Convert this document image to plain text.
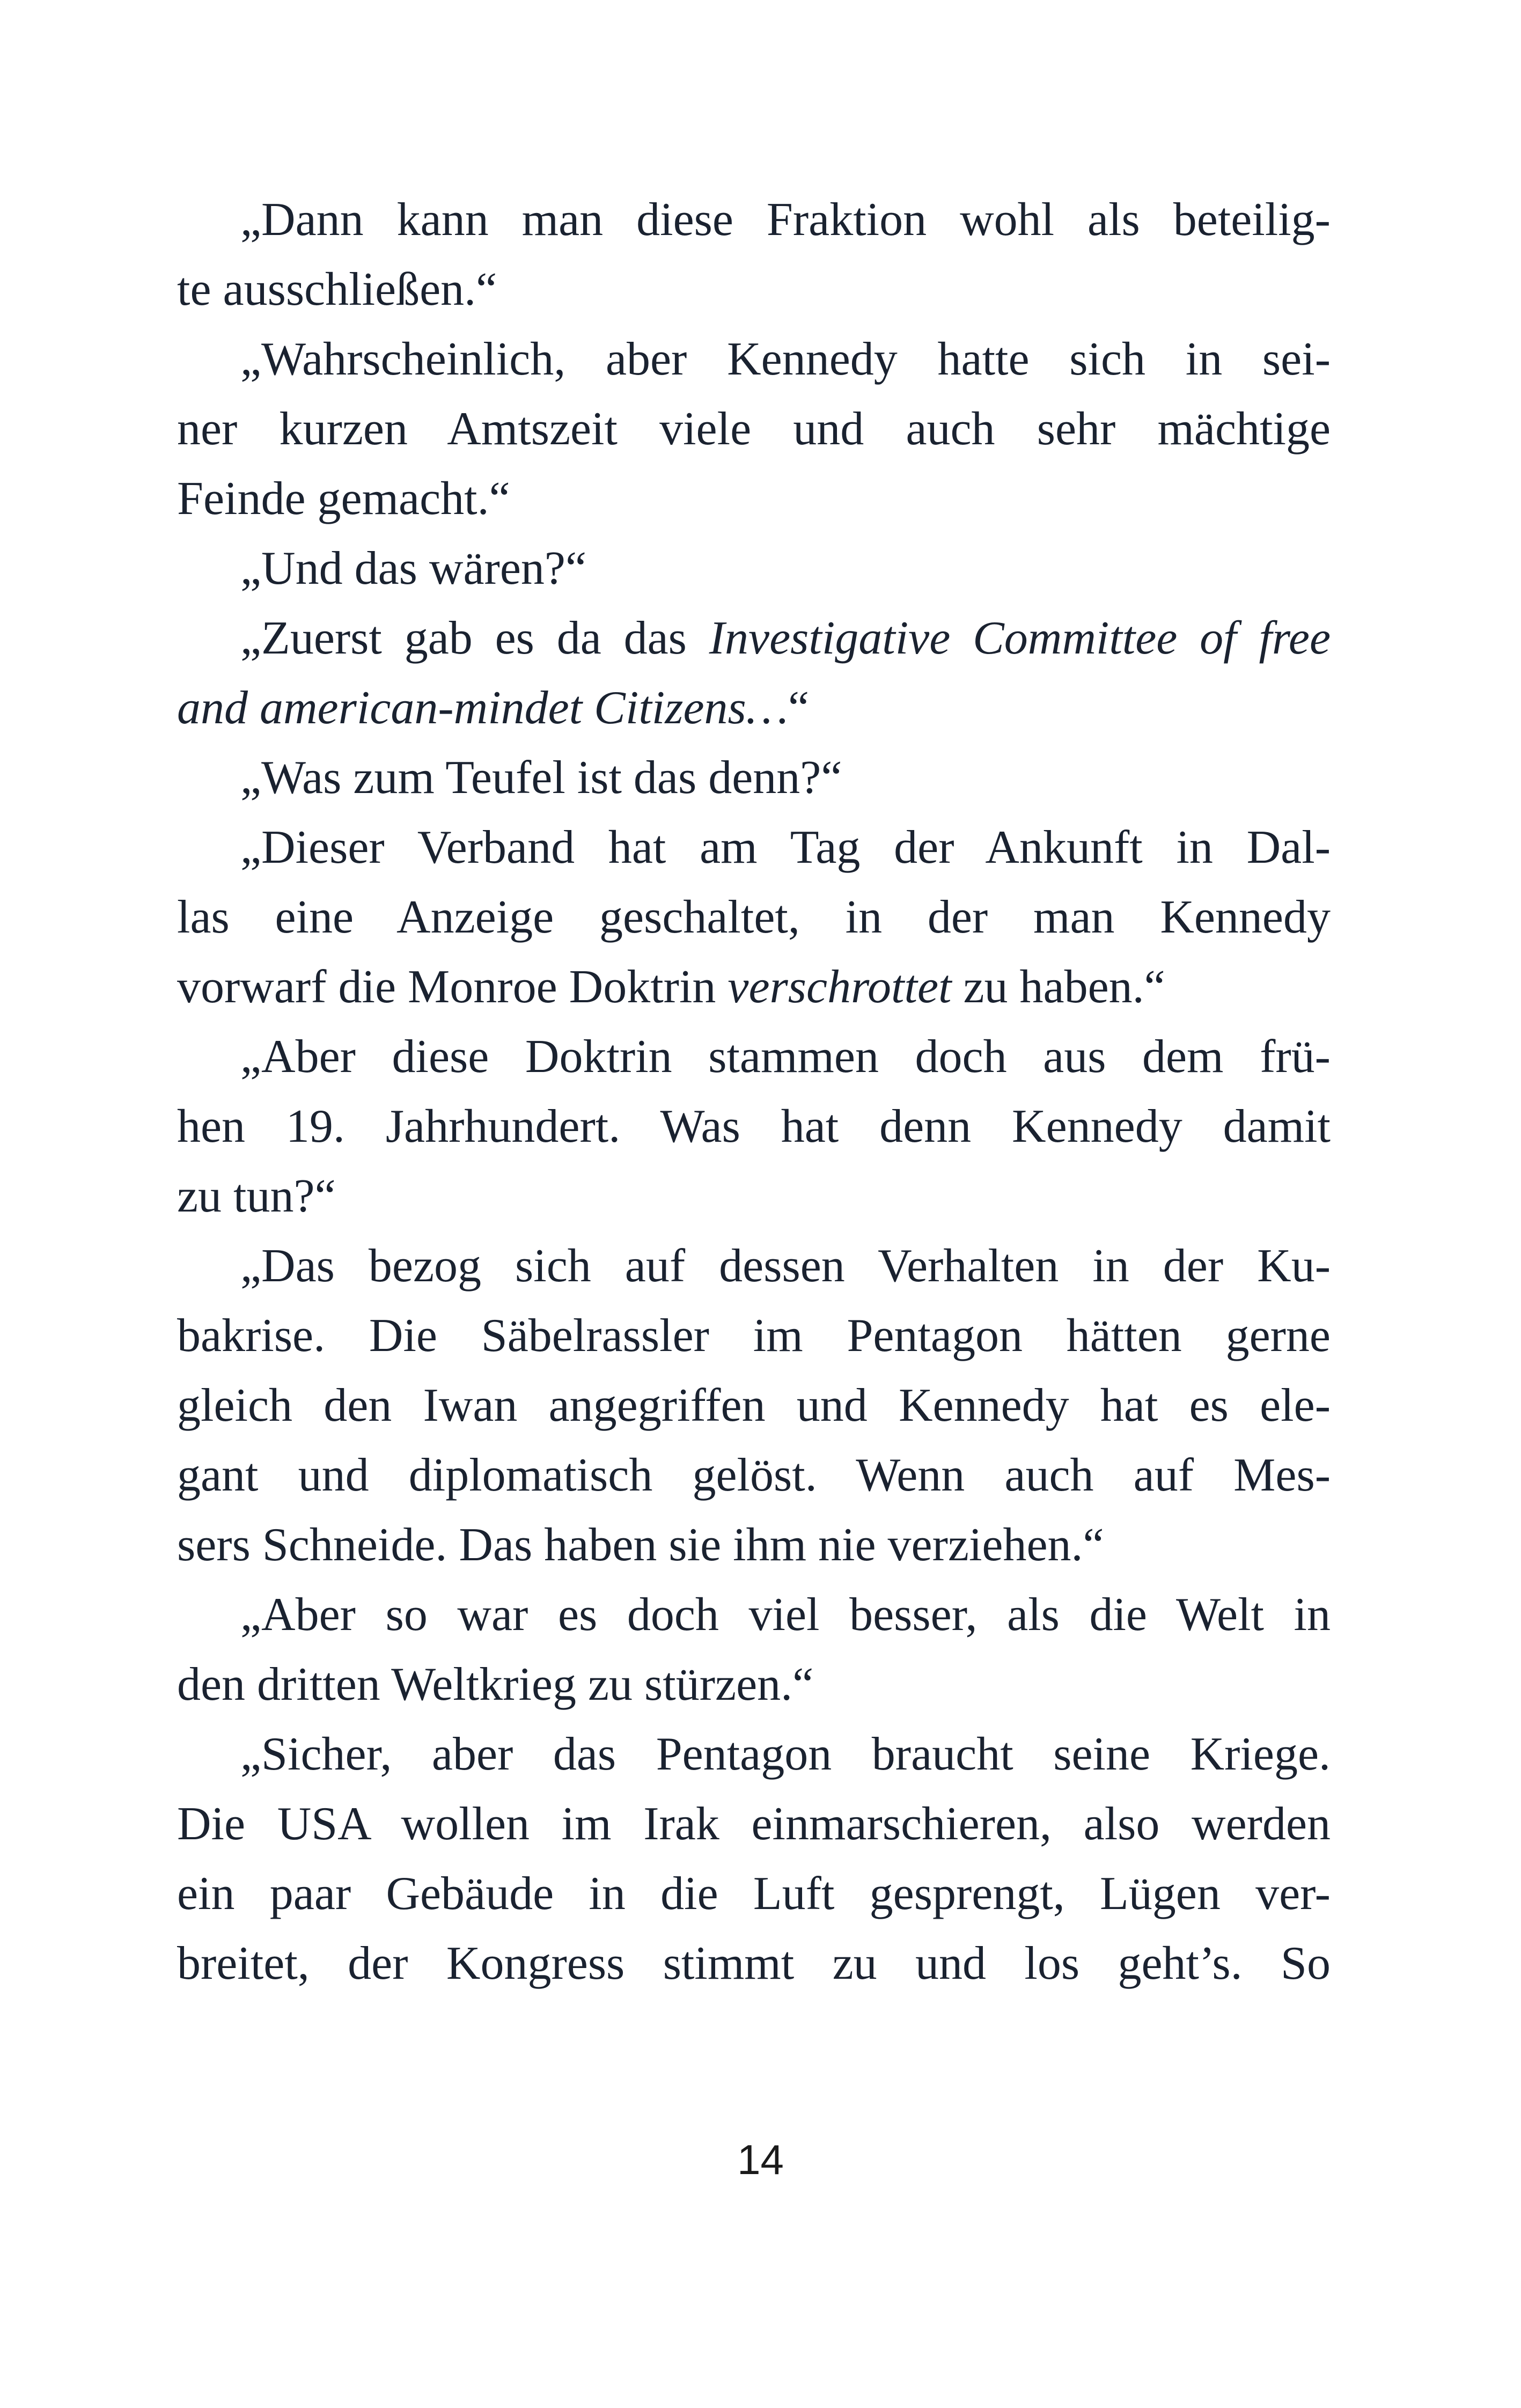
„Dann kann man diese Fraktion wohl als beteilig-
te ausschließen.“
„Wahrscheinlich, aber Kennedy hatte sich in sei-
ner kurzen Amtszeit viele und auch sehr mächtige
Feinde gemacht.“
„Und das wären?“
„Zuerst gab es da das Investigative Committee of free
and american-mindet Citizens…“
„Was zum Teufel ist das denn?“
„Dieser Verband hat am Tag der Ankunft in Dal-
las eine Anzeige geschaltet, in der man Kennedy
vorwarf die Monroe Doktrin verschrottet zu haben.“
„Aber diese Doktrin stammen doch aus dem frü-
hen 19. Jahrhundert. Was hat denn Kennedy damit
zu tun?“
„Das bezog sich auf dessen Verhalten in der Ku-
bakrise. Die Säbelrassler im Pentagon hätten gerne
gleich den Iwan angegriffen und Kennedy hat es ele-
gant und diplomatisch gelöst. Wenn auch auf Mes-
sers Schneide. Das haben sie ihm nie verziehen.“
„Aber so war es doch viel besser, als die Welt in
den dritten Weltkrieg zu stürzen.“
„Sicher, aber das Pentagon braucht seine Kriege.
Die USA wollen im Irak einmarschieren, also werden
ein paar Gebäude in die Luft gesprengt, Lügen ver-
breitet, der Kongress stimmt zu und los geht’s. So
14
